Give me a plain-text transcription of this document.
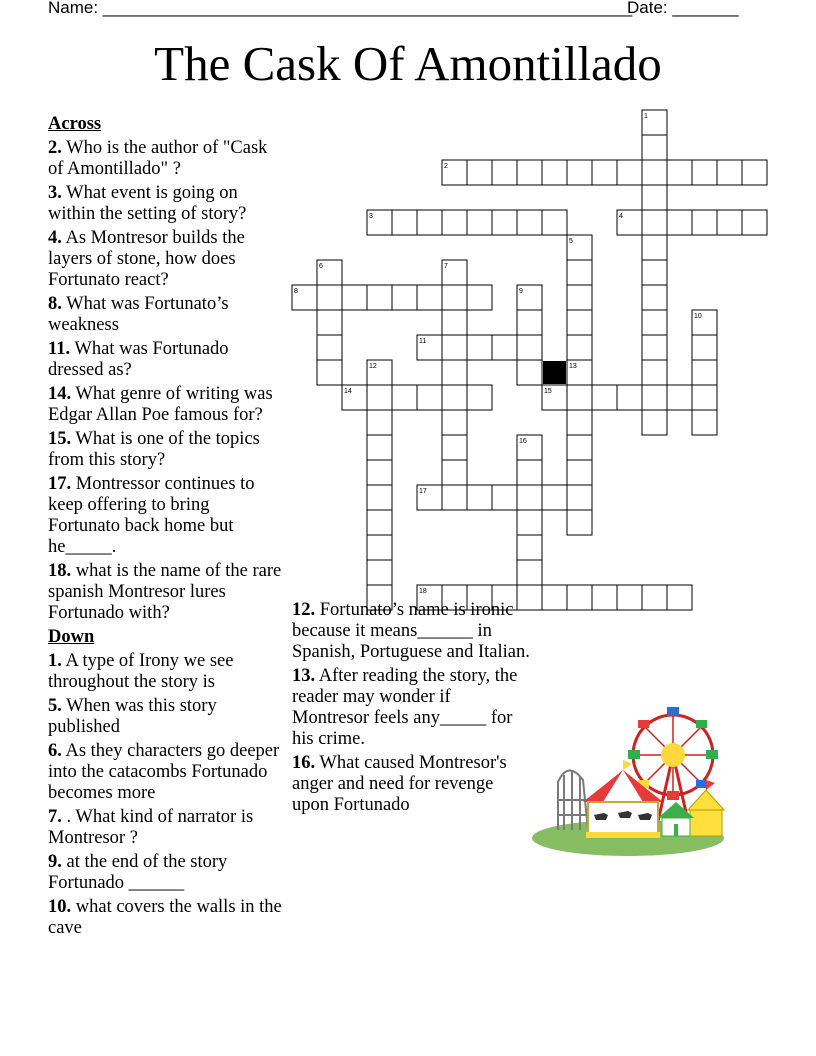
Name: ________________________________________________________
Date: _______
The Cask Of Amontillado
1
2
3	4
5
6	7
8	9
10
11
12	13
14	15
16
17
18
Across
2. Who is the author of "Cask of Amontillado" ?
3. What event is going on within the setting of story?
4. As Montresor builds the layers of stone, how does Fortunato react?
8. What was Fortunato’s weakness
11. What was Fortunado dressed as?
14. What genre of writing was Edgar Allan Poe famous for?
15. What is one of the topics from this story?
17. Montressor continues to keep offering to bring Fortunato back home but he_____.
18. what is the name of the rare spanish Montresor lures Fortunado with?
Down
1. A type of Irony we see throughout the story is
5. When was this story published
6. As they characters go deeper into the catacombs Fortunado becomes more
7. . What kind of narrator is Montresor ?
9. at the end of the story Fortunado ______
10. what covers the walls in the cave
12. Fortunato’s name is ironic because it means______ in Spanish, Portuguese and Italian.
13. After reading the story, the reader may wonder if Montresor feels any_____ for his crime.
16. What caused Montresor's anger and need for revenge upon Fortunado
